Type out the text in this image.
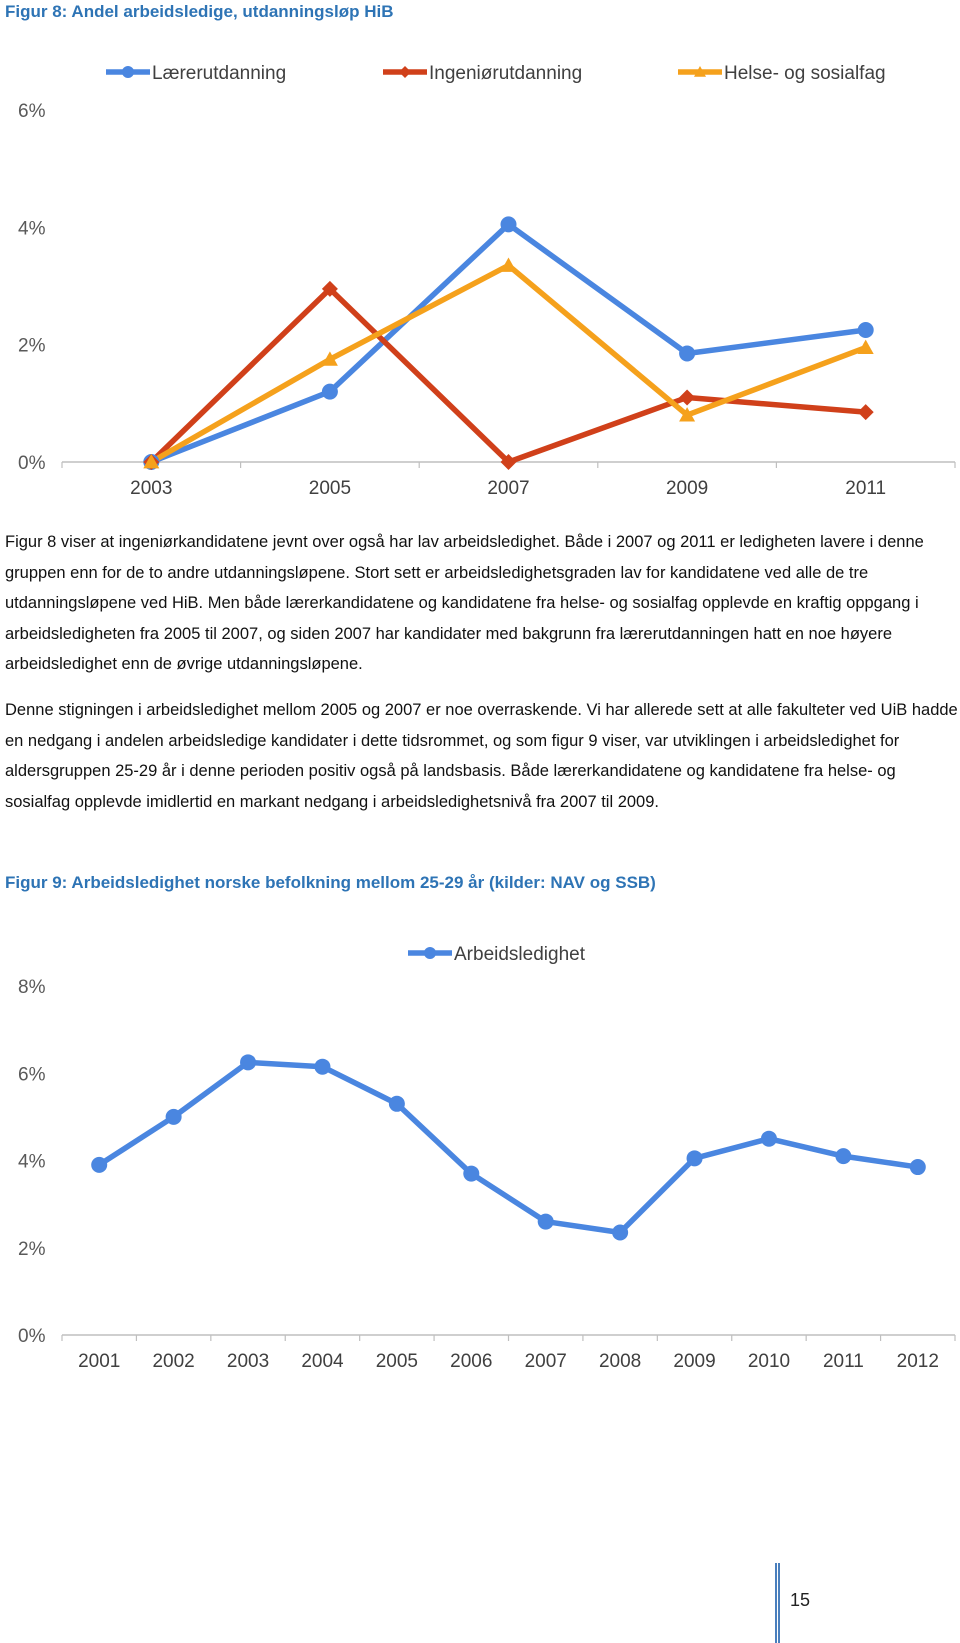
Figur 8: Andel arbeidsledige, utdanningsløp HiB

0%
2%
4%
6%
2003	2005	2007	2009	2011
Lærerutdanning	Ingeniørutdanning	Helse- og sosialfag

Figur 8 viser at ingeniørkandidatene jevnt over også har lav arbeidsledighet. Både i 2007 og 2011 er ledigheten lavere i denne gruppen enn for de to andre utdanningsløpene. Stort sett er arbeidsledighetsgraden lav for kandidatene ved alle de tre utdanningsløpene ved HiB. Men både lærerkandidatene og kandidatene fra helse- og sosialfag opplevde en kraftig oppgang i arbeidsledigheten fra 2005 til 2007, og siden 2007 har kandidater med bakgrunn fra lærerutdanningen hatt en noe høyere arbeidsledighet enn de øvrige utdanningsløpene.

Denne stigningen i arbeidsledighet mellom 2005 og 2007 er noe overraskende. Vi har allerede sett at alle fakulteter ved UiB hadde en nedgang i andelen arbeidsledige kandidater i dette tidsrommet, og som figur 9 viser, var utviklingen i arbeidsledighet for aldersgruppen 25-29 år i denne perioden positiv også på landsbasis. Både lærerkandidatene og kandidatene fra helse- og sosialfag opplevde imidlertid en markant nedgang i arbeidsledighetsnivå fra 2007 til 2009.

Figur 9: Arbeidsledighet norske befolkning mellom 25-29 år (kilder: NAV og SSB)

0%
2%
4%
6%
8%
2001 2002 2003 2004 2005 2006 2007 2008 2009 2010 2011 2012
Arbeidsledighet
15
